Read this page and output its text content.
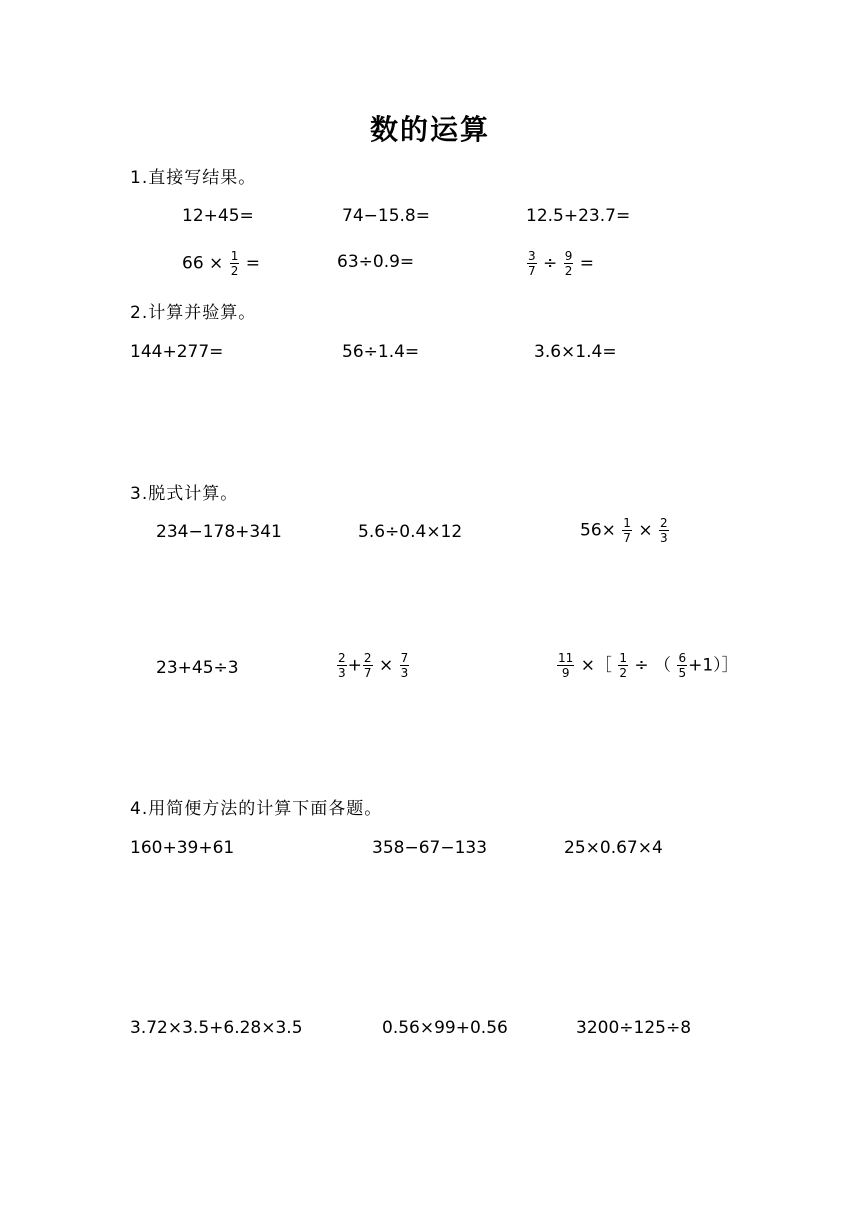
数的运算
1.直接写结果。
12+45=	74−15.8=	12.5+23.7=
$66 \times \frac{1}{2}$ =	63÷0.9=	$\frac{3}{7} \div \frac{9}{2}$ =
2.计算并验算。
144+277=	56÷1.4=	3.6×1.4=
3.脱式计算。
234−178+341	5.6÷0.4×12	$56\times \frac{1}{7} \times \frac{2}{3}$
23+45÷3	$\frac{2}{3} + \frac{2}{7} \times \frac{7}{3}$	$\frac{11}{9}$ ×［ $\frac{1}{2}$ ÷ （ $\frac{6}{5}$ +1）］
4.用简便方法的计算下面各题。
160+39+61	358−67−133	25×0.67×4
3.72×3.5+6.28×3.5	0.56×99+0.56	3200÷125÷8
